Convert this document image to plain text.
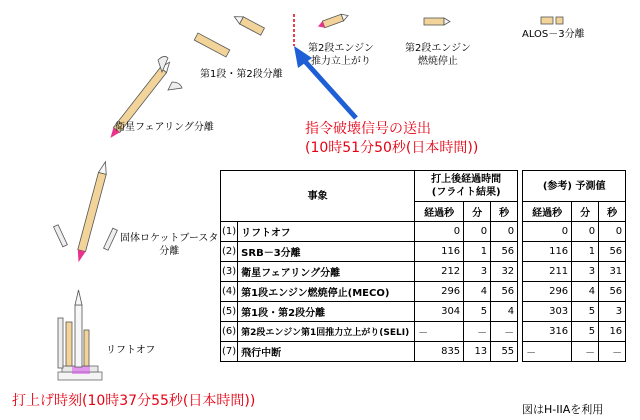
第2段エンジン
推力立上がり
第2段エンジン
燃焼停止
ALOS－3分離
第1段・第2段分離
衛星フェアリング分離
固体ロケットブースタ
分離
リフトオフ
指令破壊信号の送出
(10時51分50秒(日本時間))
打上げ時刻(10時37分55秒(日本時間))
図はH-IIAを利用
事象		打上後経過時間
(フライト結果)				(参考) 予測値		
		経過秒	分	秒		経過秒	分	秒
(1)	リフトオフ	0	0	0		0	0	0
(2)	SRB－3分離	116	1	56		116	1	56
(3)	衛星フェアリング分離	212	3	32		211	3	31
(4)	第1段エンジン燃焼停止(MECO)	296	4	56		296	4	56
(5)	第1段・第2段分離	304	5	4		303	5	3
(6)	第2段エンジン第1回推力立上がり(SELI)	－	－	－		316	5	16
(7)	飛行中断	835	13	55		－	－	－
